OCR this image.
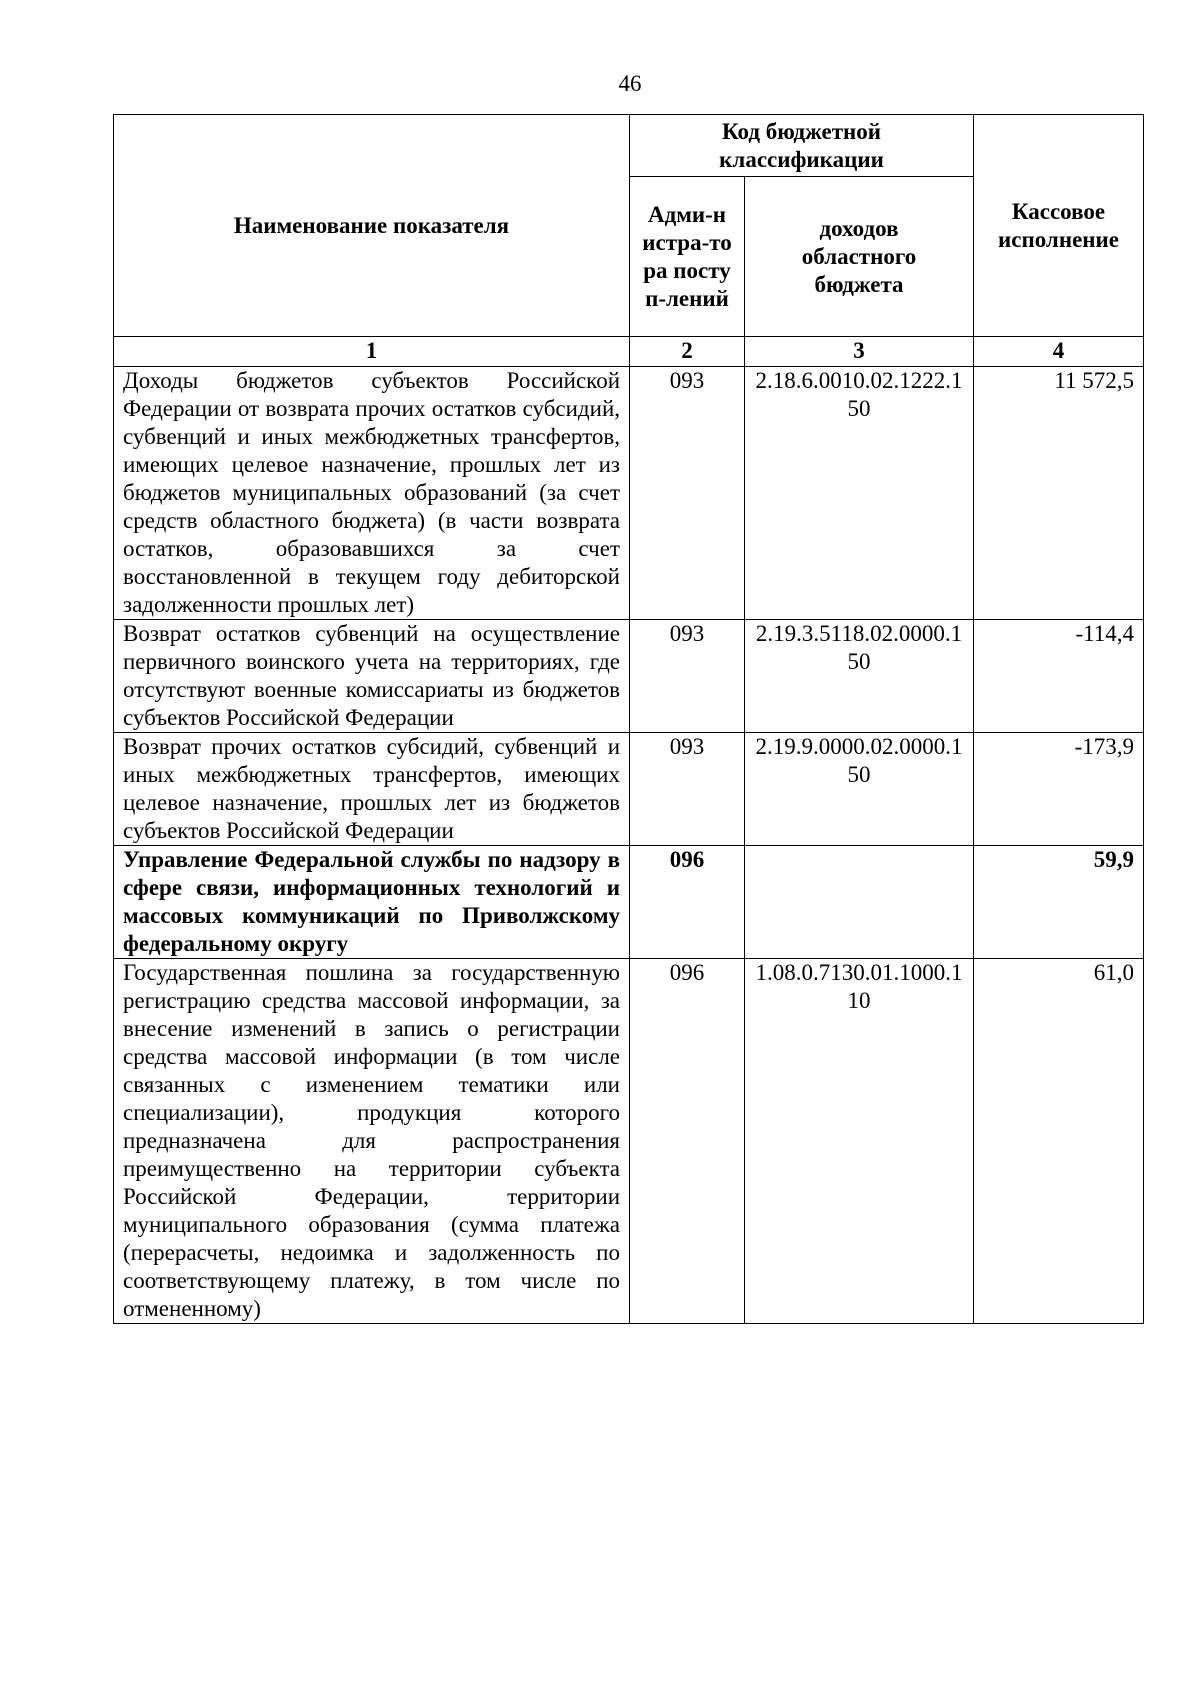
46
Наименование показателя	Код бюджетной классификации		Кассовое исполнение

	Адми-нистра-тора поступ-лений	доходов областного бюджета	
1	2	3	4
Доходы бюджетов субъектов Российской Федерации от возврата прочих остатков субсидий, субвенций и иных межбюджетных трансфертов, имеющих целевое назначение, прошлых лет из бюджетов муниципальных образований (за счет средств областного бюджета) (в части возврата остатков, образовавшихся за счет восстановленной в текущем году дебиторской задолженности прошлых лет)	093	2.18.6.0010.02.1222.150	11 572,5
Возврат остатков субвенций на осуществление первичного воинского учета на территориях, где отсутствуют военные комиссариаты из бюджетов субъектов Российской Федерации	093	2.19.3.5118.02.0000.150	-114,4
Возврат прочих остатков субсидий, субвенций и иных межбюджетных трансфертов, имеющих целевое назначение, прошлых лет из бюджетов субъектов Российской Федерации	093	2.19.9.0000.02.0000.150	-173,9
Управление Федеральной службы по надзору в сфере связи, информационных технологий и массовых коммуникаций по Приволжскому федеральному округу	096		59,9
Государственная пошлина за государственную регистрацию средства массовой информации, за внесение изменений в запись о регистрации средства массовой информации (в том числе связанных с изменением тематики или специализации), продукция которого предназначена для распространения преимущественно на территории субъекта Российской Федерации, территории муниципального образования (сумма платежа (перерасчеты, недоимка и задолженность по соответствующему платежу, в том числе по отмененному)	096	1.08.0.7130.01.1000.110	61,0
